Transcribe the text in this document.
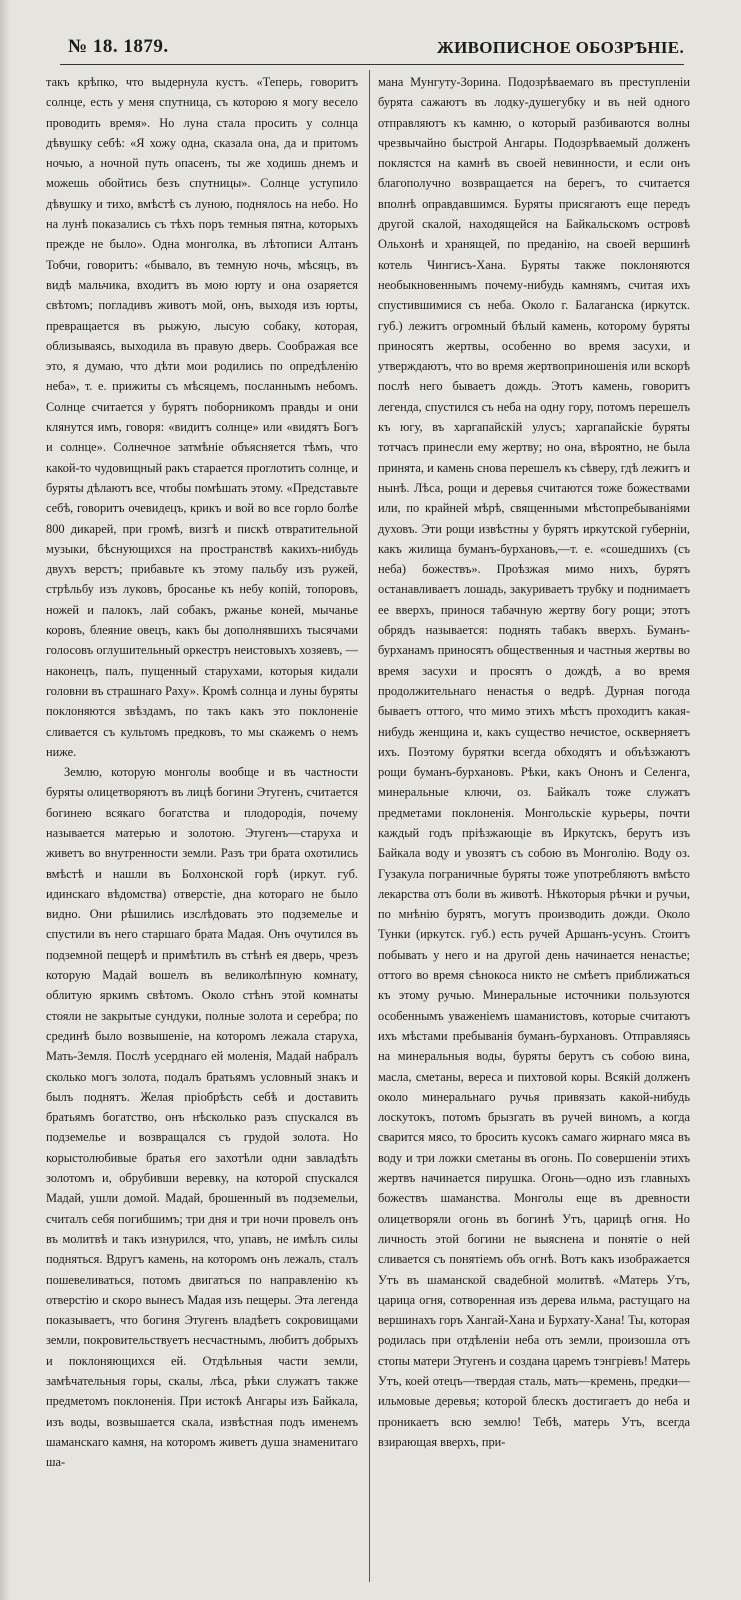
№ 18. 1879.	ЖИВОПИСНОЕ ОБОЗРѢНІЕ.

такъ крѣпко, что выдернула кустъ. «Теперь, говоритъ солнце, есть у меня спутница, съ которою я могу весело проводить время». Но луна стала просить у солнца дѣвушку себѣ: «Я хожу одна, сказала она, да и притомъ ночью, а ночной путь опасенъ, ты же ходишь днемъ и можешь обойтись безъ спутницы». Солнце уступило дѣвушку и тихо, вмѣстѣ съ луною, поднялось на небо. Но на лунѣ показались съ тѣхъ поръ темныя пятна, которыхъ прежде не было». Одна монголка, въ лѣтописи Алтанъ Тобчи, говоритъ: «бывало, въ темную ночь, мѣсяцъ, въ видѣ мальчика, входитъ въ мою юрту и она озаряется свѣтомъ; погладивъ животъ мой, онъ, выходя изъ юрты, превращается въ рыжую, лысую собаку, которая, облизываясь, выходила въ правую дверь. Соображая все это, я думаю, что дѣти мои родились по опредѣленію неба», т. е. прижиты съ мѣсяцемъ, посланнымъ небомъ. Солнце считается у бурятъ поборникомъ правды и они клянутся имъ, говоря: «видитъ солнце» или «видятъ Богъ и солнце». Солнечное затмѣніе объясняется тѣмъ, что какой-то чудовищный ракъ старается проглотить солнце, и буряты дѣлаютъ все, чтобы помѣшать этому. «Представьте себѣ, говоритъ очевидецъ, крикъ и вой во все горло болѣе 800 дикарей, при громѣ, визгѣ и пискѣ отвратительной музыки, бѣснующихся на пространствѣ какихъ-нибудь двухъ верстъ; прибавьте къ этому пальбу изъ ружей, стрѣльбу изъ луковъ, бросанье къ небу копій, топоровъ, ножей и палокъ, лай собакъ, ржанье коней, мычанье коровъ, блеяние овецъ, какъ бы дополнявшихъ тысячами голосовъ оглушительный оркестръ неистовыхъ хозяевъ, — наконецъ, палъ, пущенный старухами, которыя кидали головни въ страшнаго Раху». Кромѣ солнца и луны буряты поклоняются звѣздамъ, по такъ какъ это поклоненіе сливается съ культомъ предковъ, то мы скажемъ о немъ ниже.

Землю, которую монголы вообще и въ частности буряты олицетворяютъ въ лицѣ богини Этугенъ, считается богинею всякаго богатства и плодородія, почему называется матерью и золотою. Этугенъ—старуха и живетъ во внутренности земли. Разъ три брата охотились вмѣстѣ и нашли въ Болхонской горѣ (иркут. губ. идинскаго вѣдомства) отверстіе, дна котораго не было видно. Они рѣшились изслѣдовать это подземелье и спустили въ него старшаго брата Мадая. Онъ очутился въ подземной пещерѣ и примѣтилъ въ стѣнѣ ея дверь, чрезъ которую Мадай вошелъ въ великолѣпную комнату, облитую яркимъ свѣтомъ. Около стѣнъ этой комнаты стояли не закрытые сундуки, полные золота и серебра; по срединѣ было возвышеніе, на которомъ лежала старуха, Мать-Земля. Послѣ усерднаго ей моленія, Мадай набралъ сколько могъ золота, подалъ братьямъ условный знакъ и былъ поднятъ. Желая пріобрѣсть себѣ и доставить братьямъ богатство, онъ нѣсколько разъ спускался въ подземелье и возвращался съ грудой золота. Но корыстолюбивые братья его захотѣли одни завладѣть золотомъ и, обрубивши веревку, на которой спускался Мадай, ушли домой. Мадай, брошенный въ подземельи, считалъ себя погибшимъ; три дня и три ночи провелъ онъ въ молитвѣ и такъ изнурился, что, упавъ, не имѣлъ силы подняться. Вдругъ камень, на которомъ онъ лежалъ, сталъ пошевеливаться, потомъ двигаться по направленію къ отверстію и скоро вынесъ Мадая изъ пещеры. Эта легенда показываетъ, что богиня Этугенъ владѣетъ сокровищами земли, покровительствуетъ несчастнымъ, любитъ добрыхъ и поклоняющихся ей. Отдѣльныя части земли, замѣчательныя горы, скалы, лѣса, рѣки служатъ также предметомъ поклоненія. При истокѣ Ангары изъ Байкала, изъ воды, возвышается скала, извѣстная подъ именемъ шаманскаго камня, на которомъ живетъ душа знаменитаго ша-

мана Мунгуту-Зорина. Подозрѣваемаго въ преступленіи бурята сажаютъ въ лодку-душегубку и въ ней одного отправляютъ къ камню, о который разбиваются волны чрезвычайно быстрой Ангары. Подозрѣваемый долженъ поклястся на камнѣ въ своей невинности, и если онъ благополучно возвращается на берегъ, то считается вполнѣ оправдавшимся. Буряты присягаютъ еще передъ другой скалой, находящейся на Байкальскомъ островѣ Ольхонѣ и хранящей, по преданію, на своей вершинѣ котель Чингисъ-Хана. Буряты также поклоняются необыкновеннымъ почему-нибудь камнямъ, считая ихъ спустившимися съ неба. Около г. Балаганска (иркутск. губ.) лежитъ огромный бѣлый камень, которому буряты приносятъ жертвы, особенно во время засухи, и утверждаютъ, что во время жертвоприношенія или вскорѣ послѣ него бываетъ дождь. Этотъ камень, говоритъ легенда, спустился съ неба на одну гору, потомъ перешелъ къ югу, въ харгапайскій улусъ; харгапайскіе буряты тотчасъ принесли ему жертву; но она, вѣроятно, не была принята, и камень снова перешелъ къ сѣверу, гдѣ лежитъ и нынѣ. Лѣса, рощи и деревья считаются тоже божествами или, по крайней мѣрѣ, священными мѣстопребываніями духовъ. Эти рощи извѣстны у бурятъ иркутской губерніи, какъ жилища буманъ-бурхановъ,—т. е. «сошедшихъ (съ неба) божествъ». Проѣзжая мимо нихъ, бурятъ останавливаетъ лошадь, закуриваетъ трубку и поднимаетъ ее вверхъ, принося табачную жертву богу рощи; этотъ обрядъ называется: поднять табакъ вверхъ. Буманъ-бурханамъ приносятъ общественныя и частныя жертвы во время засухи и просятъ о дождѣ, а во время продолжительнаго ненастья о ведрѣ. Дурная погода бываетъ оттого, что мимо этихъ мѣстъ проходитъ какая-нибудь женщина и, какъ существо нечистое, оскверняетъ ихъ. Поэтому бурятки всегда обходятъ и объѣзжаютъ рощи буманъ-бурхановъ. Рѣки, какъ Ононъ и Селенга, минеральные ключи, оз. Байкалъ тоже служатъ предметами поклоненія. Монгольскіе курьеры, почти каждый годъ пріѣзжающіе въ Иркутскъ, берутъ изъ Байкала воду и увозятъ съ собою въ Монголію. Воду оз. Гузакула пограничные буряты тоже употребляютъ вмѣсто лекарства отъ боли въ животѣ. Нѣкоторыя рѣчки и ручьи, по мнѣнію бурятъ, могутъ производить дожди. Около Тунки (иркутск. губ.) есть ручей Аршанъ-усунъ. Стоитъ побывать у него и на другой день начинается ненастье; оттого во время сѣнокоса никто не смѣетъ приближаться къ этому ручью. Минеральные источники пользуются особеннымъ уваженіемъ шаманистовъ, которые считаютъ ихъ мѣстами пребыванія буманъ-бурхановъ. Отправляясь на минеральныя воды, буряты берутъ съ собою вина, масла, сметаны, вереса и пихтовой коры. Всякій долженъ около минеральнаго ручья привязать какой-нибудь лоскутокъ, потомъ брызгать въ ручей виномъ, а когда сварится мясо, то бросить кусокъ самаго жирнаго мяса въ воду и три ложки сметаны въ огонь. По совершеніи этихъ жертвъ начинается пирушка. Огонь—одно изъ главныхъ божествъ шаманства. Монголы еще въ древности олицетворяли огонь въ богинѣ Утъ, царицѣ огня. Но личность этой богини не выяснена и понятіе о ней сливается съ понятіемъ объ огнѣ. Вотъ какъ изображается Утъ въ шаманской свадебной молитвѣ. «Матерь Утъ, царица огня, сотворенная изъ дерева ильма, растущаго на вершинахъ горъ Хангай-Хана и Бурхату-Хана! Ты, которая родилась при отдѣленіи неба отъ земли, произошла отъ стопы матери Этугенъ и создана царемъ тэнгріевъ! Матерь Утъ, коей отецъ—твердая сталь, мать—кремень, предки—ильмовые деревья; которой блескъ достигаетъ до неба и проникаетъ всю землю! Тебѣ, матерь Утъ, всегда взирающая вверхъ, при-
